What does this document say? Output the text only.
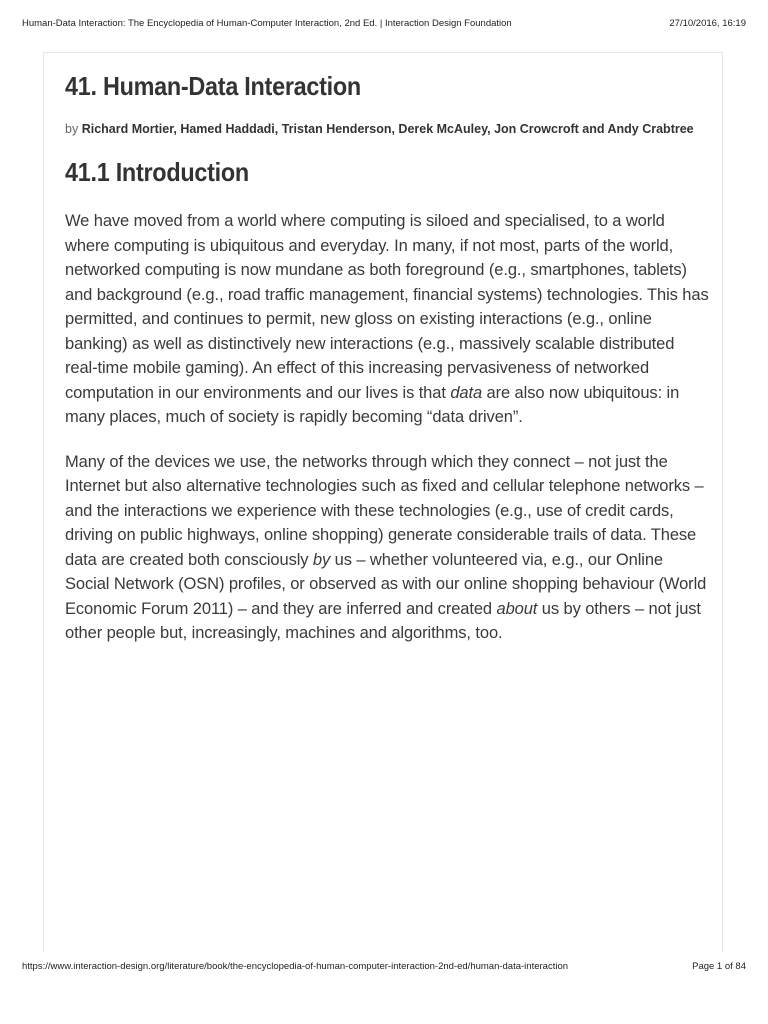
Human-Data Interaction: The Encyclopedia of Human-Computer Interaction, 2nd Ed. | Interaction Design Foundation	27/10/2016, 16:19
41. Human-Data Interaction
by Richard Mortier, Hamed Haddadi, Tristan Henderson, Derek McAuley, Jon Crowcroft and Andy Crabtree
41.1 Introduction

We have moved from a world where computing is siloed and specialised, to a world where computing is ubiquitous and everyday. In many, if not most, parts of the world, networked computing is now mundane as both foreground (e.g., smartphones, tablets) and background (e.g., road traffic management, financial systems) technologies. This has permitted, and continues to permit, new gloss on existing interactions (e.g., online banking) as well as distinctively new interactions (e.g., massively scalable distributed real-time mobile gaming). An effect of this increasing pervasiveness of networked computation in our environments and our lives is that data are also now ubiquitous: in many places, much of society is rapidly becoming “data driven”.

Many of the devices we use, the networks through which they connect – not just the Internet but also alternative technologies such as fixed and cellular telephone networks – and the interactions we experience with these technologies (e.g., use of credit cards, driving on public highways, online shopping) generate considerable trails of data. These data are created both consciously by us – whether volunteered via, e.g., our Online Social Network (OSN) profiles, or observed as with our online shopping behaviour (World Economic Forum 2011) – and they are inferred and created about us by others – not just other people but, increasingly, machines and algorithms, too.

https://www.interaction-design.org/literature/book/the-encyclopedia-of-human-computer-interaction-2nd-ed/human-data-interaction	Page 1 of 84
